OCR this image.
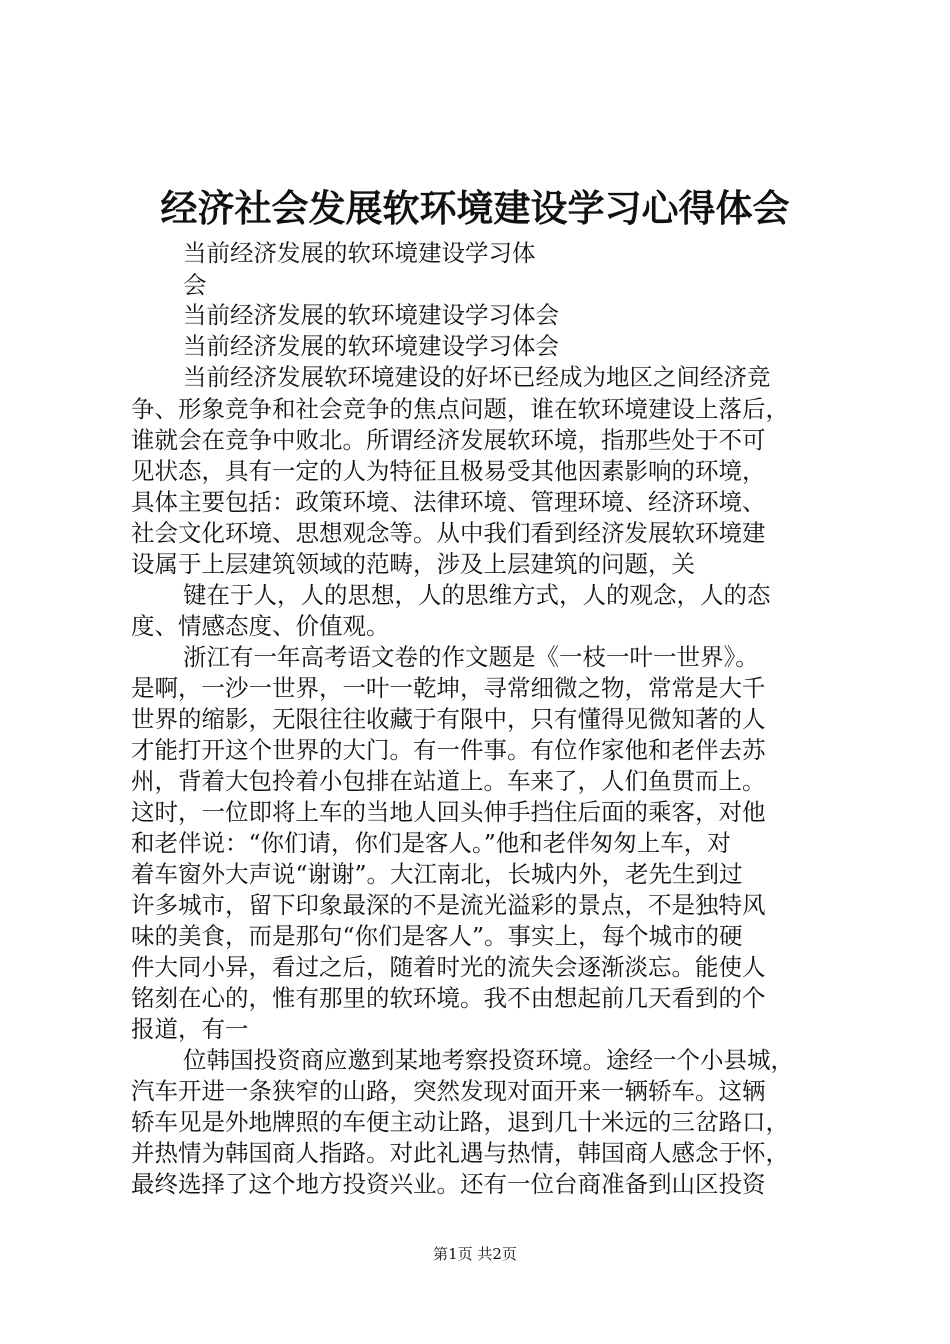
经济社会发展软环境建设学习心得体会

当前经济发展的软环境建设学习体

会

当前经济发展的软环境建设学习体会

当前经济发展的软环境建设学习体会

当前经济发展软环境建设的好坏已经成为地区之间经济竞

争、形象竞争和社会竞争的焦点问题，谁在软环境建设上落后，

谁就会在竞争中败北。所谓经济发展软环境，指那些处于不可

见状态，具有一定的人为特征且极易受其他因素影响的环境，

具体主要包括：政策环境、法律环境、管理环境、经济环境、

社会文化环境、思想观念等。从中我们看到经济发展软环境建

设属于上层建筑领域的范畴，涉及上层建筑的问题，关

键在于人，人的思想，人的思维方式，人的观念，人的态

度、情感态度、价值观。

浙江有一年高考语文卷的作文题是《一枝一叶一世界》。

是啊，一沙一世界，一叶一乾坤，寻常细微之物，常常是大千

世界的缩影，无限往往收藏于有限中，只有懂得见微知著的人

才能打开这个世界的大门。有一件事。有位作家他和老伴去苏

州，背着大包拎着小包排在站道上。车来了，人们鱼贯而上。

这时，一位即将上车的当地人回头伸手挡住后面的乘客，对他

和老伴说：“你们请，你们是客人。”他和老伴匆匆上车，对

着车窗外大声说“谢谢”。大江南北，长城内外，老先生到过

许多城市，留下印象最深的不是流光溢彩的景点，不是独特风

味的美食，而是那句“你们是客人”。事实上，每个城市的硬

件大同小异，看过之后，随着时光的流失会逐渐淡忘。能使人

铭刻在心的，惟有那里的软环境。我不由想起前几天看到的个

报道，有一

位韩国投资商应邀到某地考察投资环境。途经一个小县城，

汽车开进一条狭窄的山路，突然发现对面开来一辆轿车。这辆

轿车见是外地牌照的车便主动让路，退到几十米远的三岔路口，

并热情为韩国商人指路。对此礼遇与热情，韩国商人感念于怀，

最终选择了这个地方投资兴业。还有一位台商准备到山区投资

第1页 共2页
